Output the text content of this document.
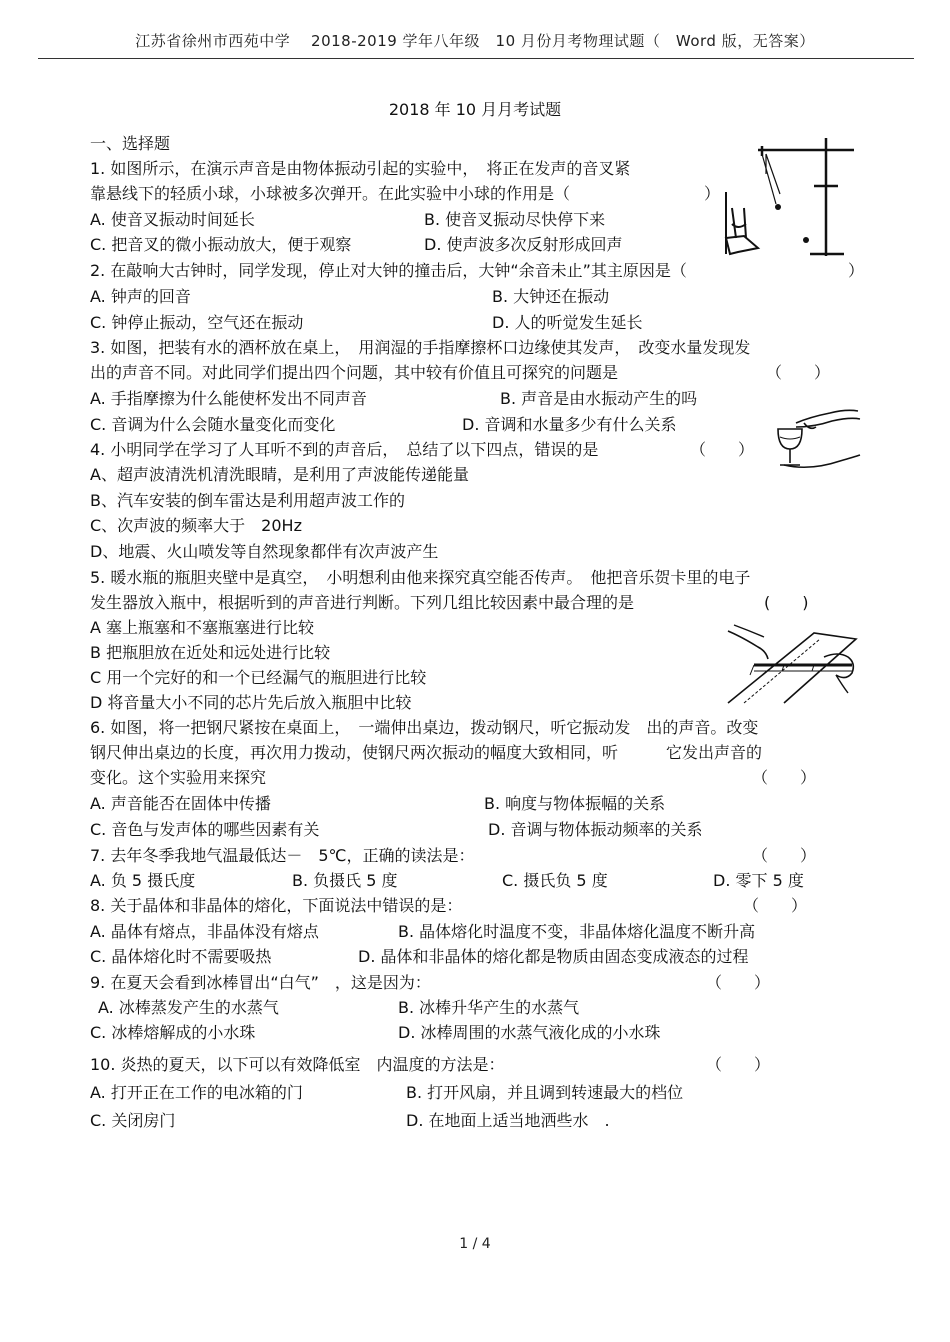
江苏省徐州市西苑中学　 2018-2019 学年八年级　10 月份月考物理试题（　Word 版，无答案）
2018 年 10 月月考试题
一、选择题
1. 如图所示，在演示声音是由物体振动引起的实验中，　将正在发声的音叉紧
靠悬线下的轻质小球，小球被多次弹开。在此实验中小球的作用是（	）
A. 使音叉振动时间延长	B. 使音叉振动尽快停下来
C. 把音叉的微小振动放大，便于观察	D. 使声波多次反射形成回声
2. 在敲响大古钟时，同学发现，停止对大钟的撞击后，大钟“余音未止”其主原因是（	）
A. 钟声的回音	B. 大钟还在振动
C. 钟停止振动，空气还在振动	D. 人的听觉发生延长
3. 如图，把装有水的酒杯放在桌上，　用润湿的手指摩擦杯口边缘使其发声，　改变水量发现发
出的声音不同。对此同学们提出四个问题，其中较有价值且可探究的问题是	（　　）
A. 手指摩擦为什么能使杯发出不同声音	B. 声音是由水振动产生的吗
C. 音调为什么会随水量变化而变化	D. 音调和水量多少有什么关系
4. 小明同学在学习了人耳听不到的声音后，　总结了以下四点，错误的是	（　　）
A、超声波清洗机清洗眼睛，是利用了声波能传递能量
B、汽车安装的倒车雷达是利用超声波工作的
C、次声波的频率大于　20Hz
D、地震、火山喷发等自然现象都伴有次声波产生
5. 暖水瓶的瓶胆夹壁中是真空，　小明想利由他来探究真空能否传声。　他把音乐贺卡里的电子
发生器放入瓶中，根据听到的声音进行判断。下列几组比较因素中最合理的是	(　　)
A 塞上瓶塞和不塞瓶塞进行比较
B 把瓶胆放在近处和远处进行比较
C 用一个完好的和一个已经漏气的瓶胆进行比较
D 将音量大小不同的芯片先后放入瓶胆中比较
6. 如图，将一把钢尺紧按在桌面上，　一端伸出桌边，拨动钢尺，听它振动发　出的声音。改变
钢尺伸出桌边的长度，再次用力拨动，使钢尺两次振动的幅度大致相同，听　　　它发出声音的
变化。这个实验用来探究	（　　）
A. 声音能否在固体中传播	B. 响度与物体振幅的关系
C. 音色与发声体的哪些因素有关	D. 音调与物体振动频率的关系
7. 去年冬季我地气温最低达－　5℃，正确的读法是：	（　　）
A. 负 5 摄氏度	B. 负摄氏 5 度	C. 摄氏负 5 度	D. 零下 5 度
8. 关于晶体和非晶体的熔化，下面说法中错误的是：	（　　）
A. 晶体有熔点，非晶体没有熔点	B. 晶体熔化时温度不变，非晶体熔化温度不断升高
C. 晶体熔化时不需要吸热	D. 晶体和非晶体的熔化都是物质由固态变成液态的过程
9. 在夏天会看到冰棒冒出“白气”　，这是因为：	（　　）
A. 冰棒蒸发产生的水蒸气	B. 冰棒升华产生的水蒸气
C. 冰棒熔解成的小水珠	D. 冰棒周围的水蒸气液化成的小水珠
10. 炎热的夏天，以下可以有效降低室　内温度的方法是：	（　　）
A. 打开正在工作的电冰箱的门	B. 打开风扇，并且调到转速最大的档位
C. 关闭房门	D. 在地面上适当地洒些水　.
1 / 4
